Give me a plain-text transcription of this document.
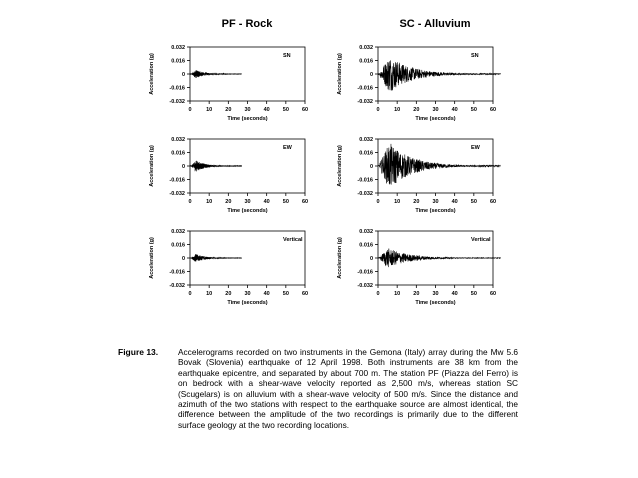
PF - Rock	SC - Alluvium
0.032
0.016
0
-0.016
-0.032
0	10 20 30 40 50 60
Time (seconds)
Acceleration (g)	SN
0.032
0.016
0
-0.016
-0.032
0	10 20 30 40 50 60
Time (seconds)
Acceleration (g)	SN
0.032
0.016
0
-0.016
-0.032
0	10 20 30 40 50 60
Time (seconds)
Acceleration (g)	EW
0.032
0.016
0
-0.016
-0.032
0	10 20 30 40 50 60
Time (seconds)
Acceleration (g)	EW
0.032
0.016
0
-0.016
-0.032
0	10 20 30 40 50 60
Time (seconds)
Acceleration (g)	Vertical
0.032
0.016
0
-0.016
-0.032
0	10 20 30 40 50 60
Time (seconds)
Acceleration (g)	Vertical
Figure 13. Accelerograms recorded on two instruments in the Gemona (Italy) array during the Mw 5.6 Bovak (Slovenia) earthquake of 12 April 1998. Both instruments are 38 km from the earthquake epicentre, and separated by about 700 m. The station PF (Piazza del Ferro) is on bedrock with a shear-wave velocity reported as 2,500 m/s, whereas station SC (Scugelars) is on alluvium with a shear-wave velocity of 500 m/s. Since the distance and azimuth of the two stations with respect to the earthquake source are almost identical, the difference between the amplitude of the two recordings is primarily due to the different surface geology at the two recording locations.
